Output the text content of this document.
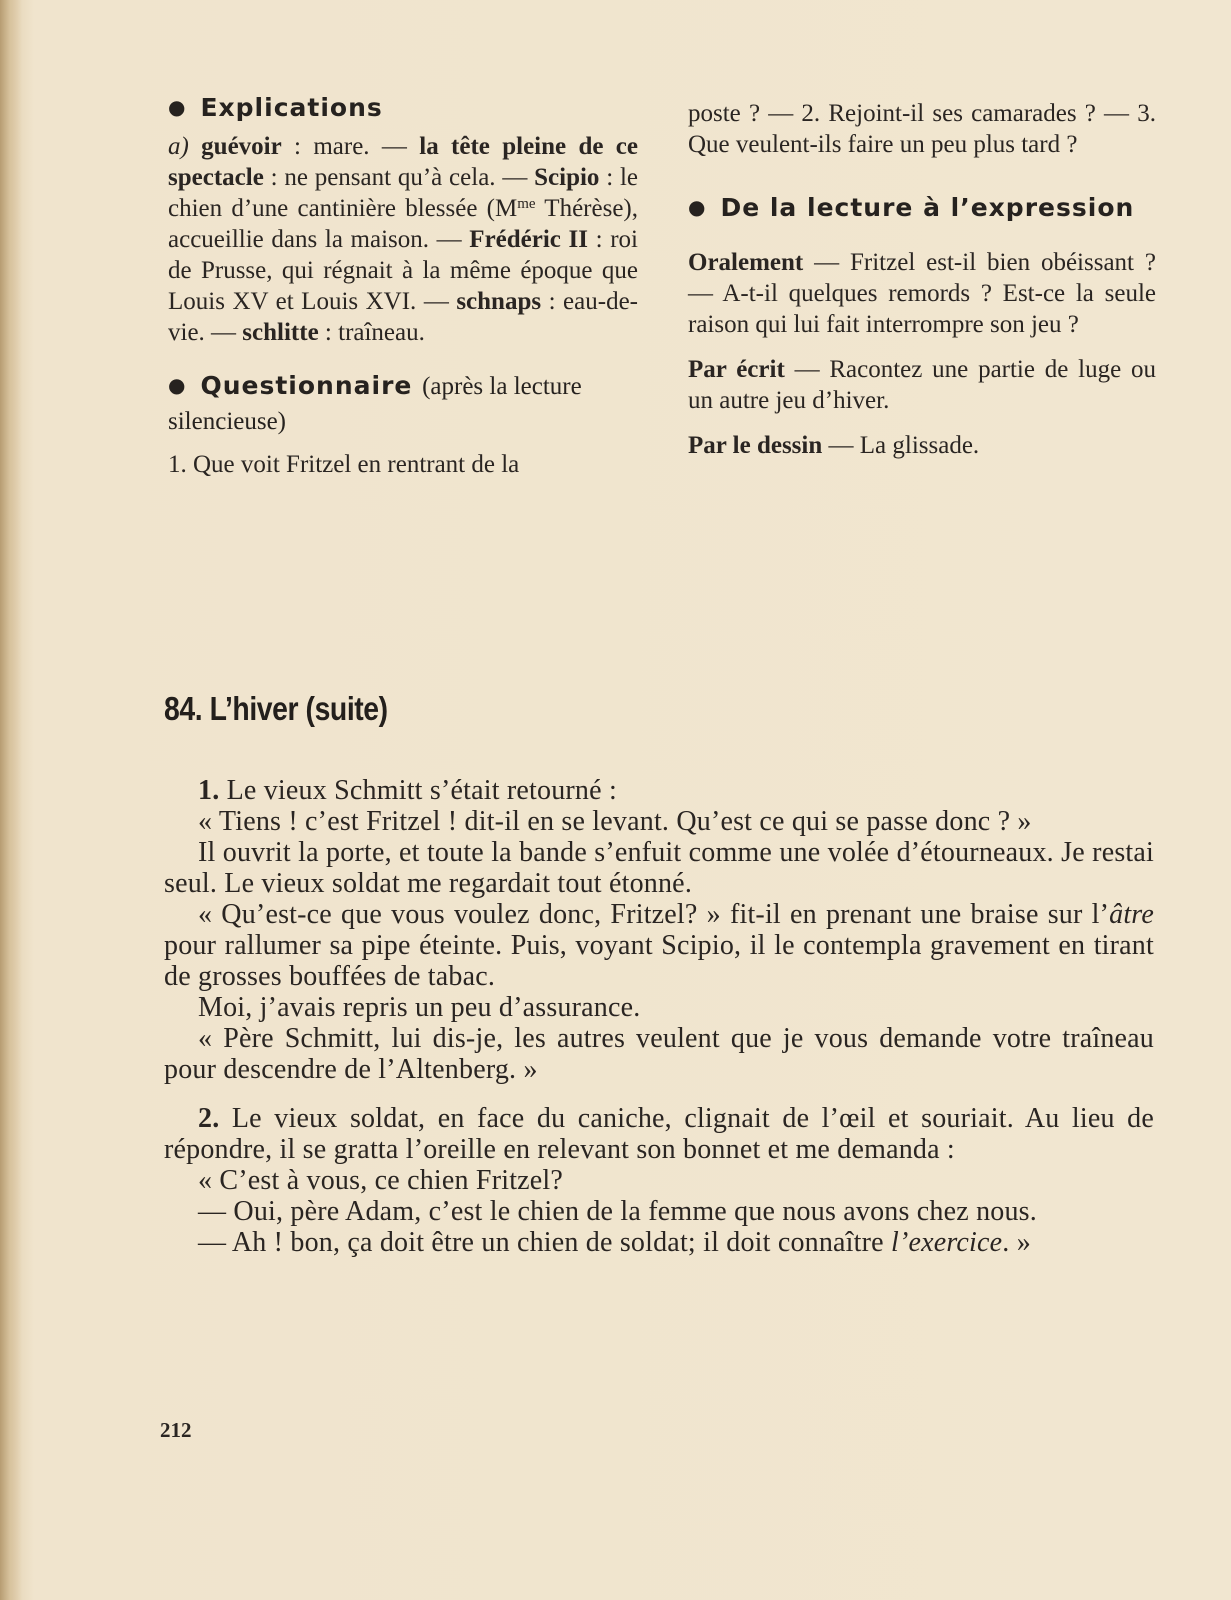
● Explications

a) guévoir : mare. — la tête pleine de ce spectacle : ne pensant qu’à cela. — Scipio : le chien d’une cantinière blessée ($M^{me}$ Thérèse), accueillie dans la maison. — Frédéric II : roi de Prusse, qui régnait à la même époque que Louis XV et Louis XVI. — schnaps : eau-de-vie. — schlitte : traîneau.

● Questionnaire (après la lecture silencieuse)

1. Que voit Fritzel en rentrant de la

poste ? — 2. Rejoint-il ses camarades ? — 3. Que veulent-ils faire un peu plus tard ?

● De la lecture à l’expression

Oralement — Fritzel est-il bien obéissant ? — A-t-il quelques remords ? Est-ce la seule raison qui lui fait interrompre son jeu ?

Par écrit — Racontez une partie de luge ou un autre jeu d’hiver.

Par le dessin — La glissade.

84. L’hiver (suite)

1. Le vieux Schmitt s’était retourné :

« Tiens ! c’est Fritzel ! dit-il en se levant. Qu’est ce qui se passe donc ? »

Il ouvrit la porte, et toute la bande s’enfuit comme une volée d’étourneaux. Je restai seul. Le vieux soldat me regardait tout étonné.

« Qu’est-ce que vous voulez donc, Fritzel? » fit-il en prenant une braise sur l’âtre pour rallumer sa pipe éteinte. Puis, voyant Scipio, il le contempla gravement en tirant de grosses bouffées de tabac.

Moi, j’avais repris un peu d’assurance.

« Père Schmitt, lui dis-je, les autres veulent que je vous demande votre traîneau pour descendre de l’Altenberg. »

2. Le vieux soldat, en face du caniche, clignait de l’œil et souriait. Au lieu de répondre, il se gratta l’oreille en relevant son bonnet et me demanda :

« C’est à vous, ce chien Fritzel?

— Oui, père Adam, c’est le chien de la femme que nous avons chez nous.

— Ah ! bon, ça doit être un chien de soldat; il doit connaître l’exercice. »

212
